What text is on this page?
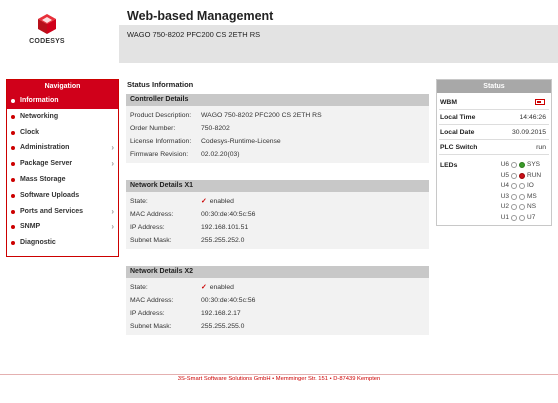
CODESYS
Web-based Management
WAGO 750-8202 PFC200 CS 2ETH RS
Navigation
Information
Networking
Clock
Administration	›
Package Server	›
Mass Storage
Software Uploads
Ports and Services	›
SNMP	›
Diagnostic
Status Information
Controller Details
Product Description: WAGO 750-8202 PFC200 CS 2ETH RS
Order Number:	750-8202
License Information: Codesys-Runtime-License
Firmware Revision: 02.02.20(03)
Network Details X1
State:	✓ enabled
MAC Address:	00:30:de:40:5c:56
IP Address:	192.168.101.51
Subnet Mask:	255.255.252.0
Network Details X2
State:	✓ enabled
MAC Address:	00:30:de:40:5c:56
IP Address:	192.168.2.17
Subnet Mask:	255.255.255.0
Status
WBM
Local Time	14:46:26
Local Date	30.09.2015
PLC Switch	run
LEDs	U6	SYS
U5	RUN
U4	IO
U3	MS
U2	NS
U1	U7
3S-Smart Software Solutions GmbH • Memminger Str. 151 • D-87439 Kempten
